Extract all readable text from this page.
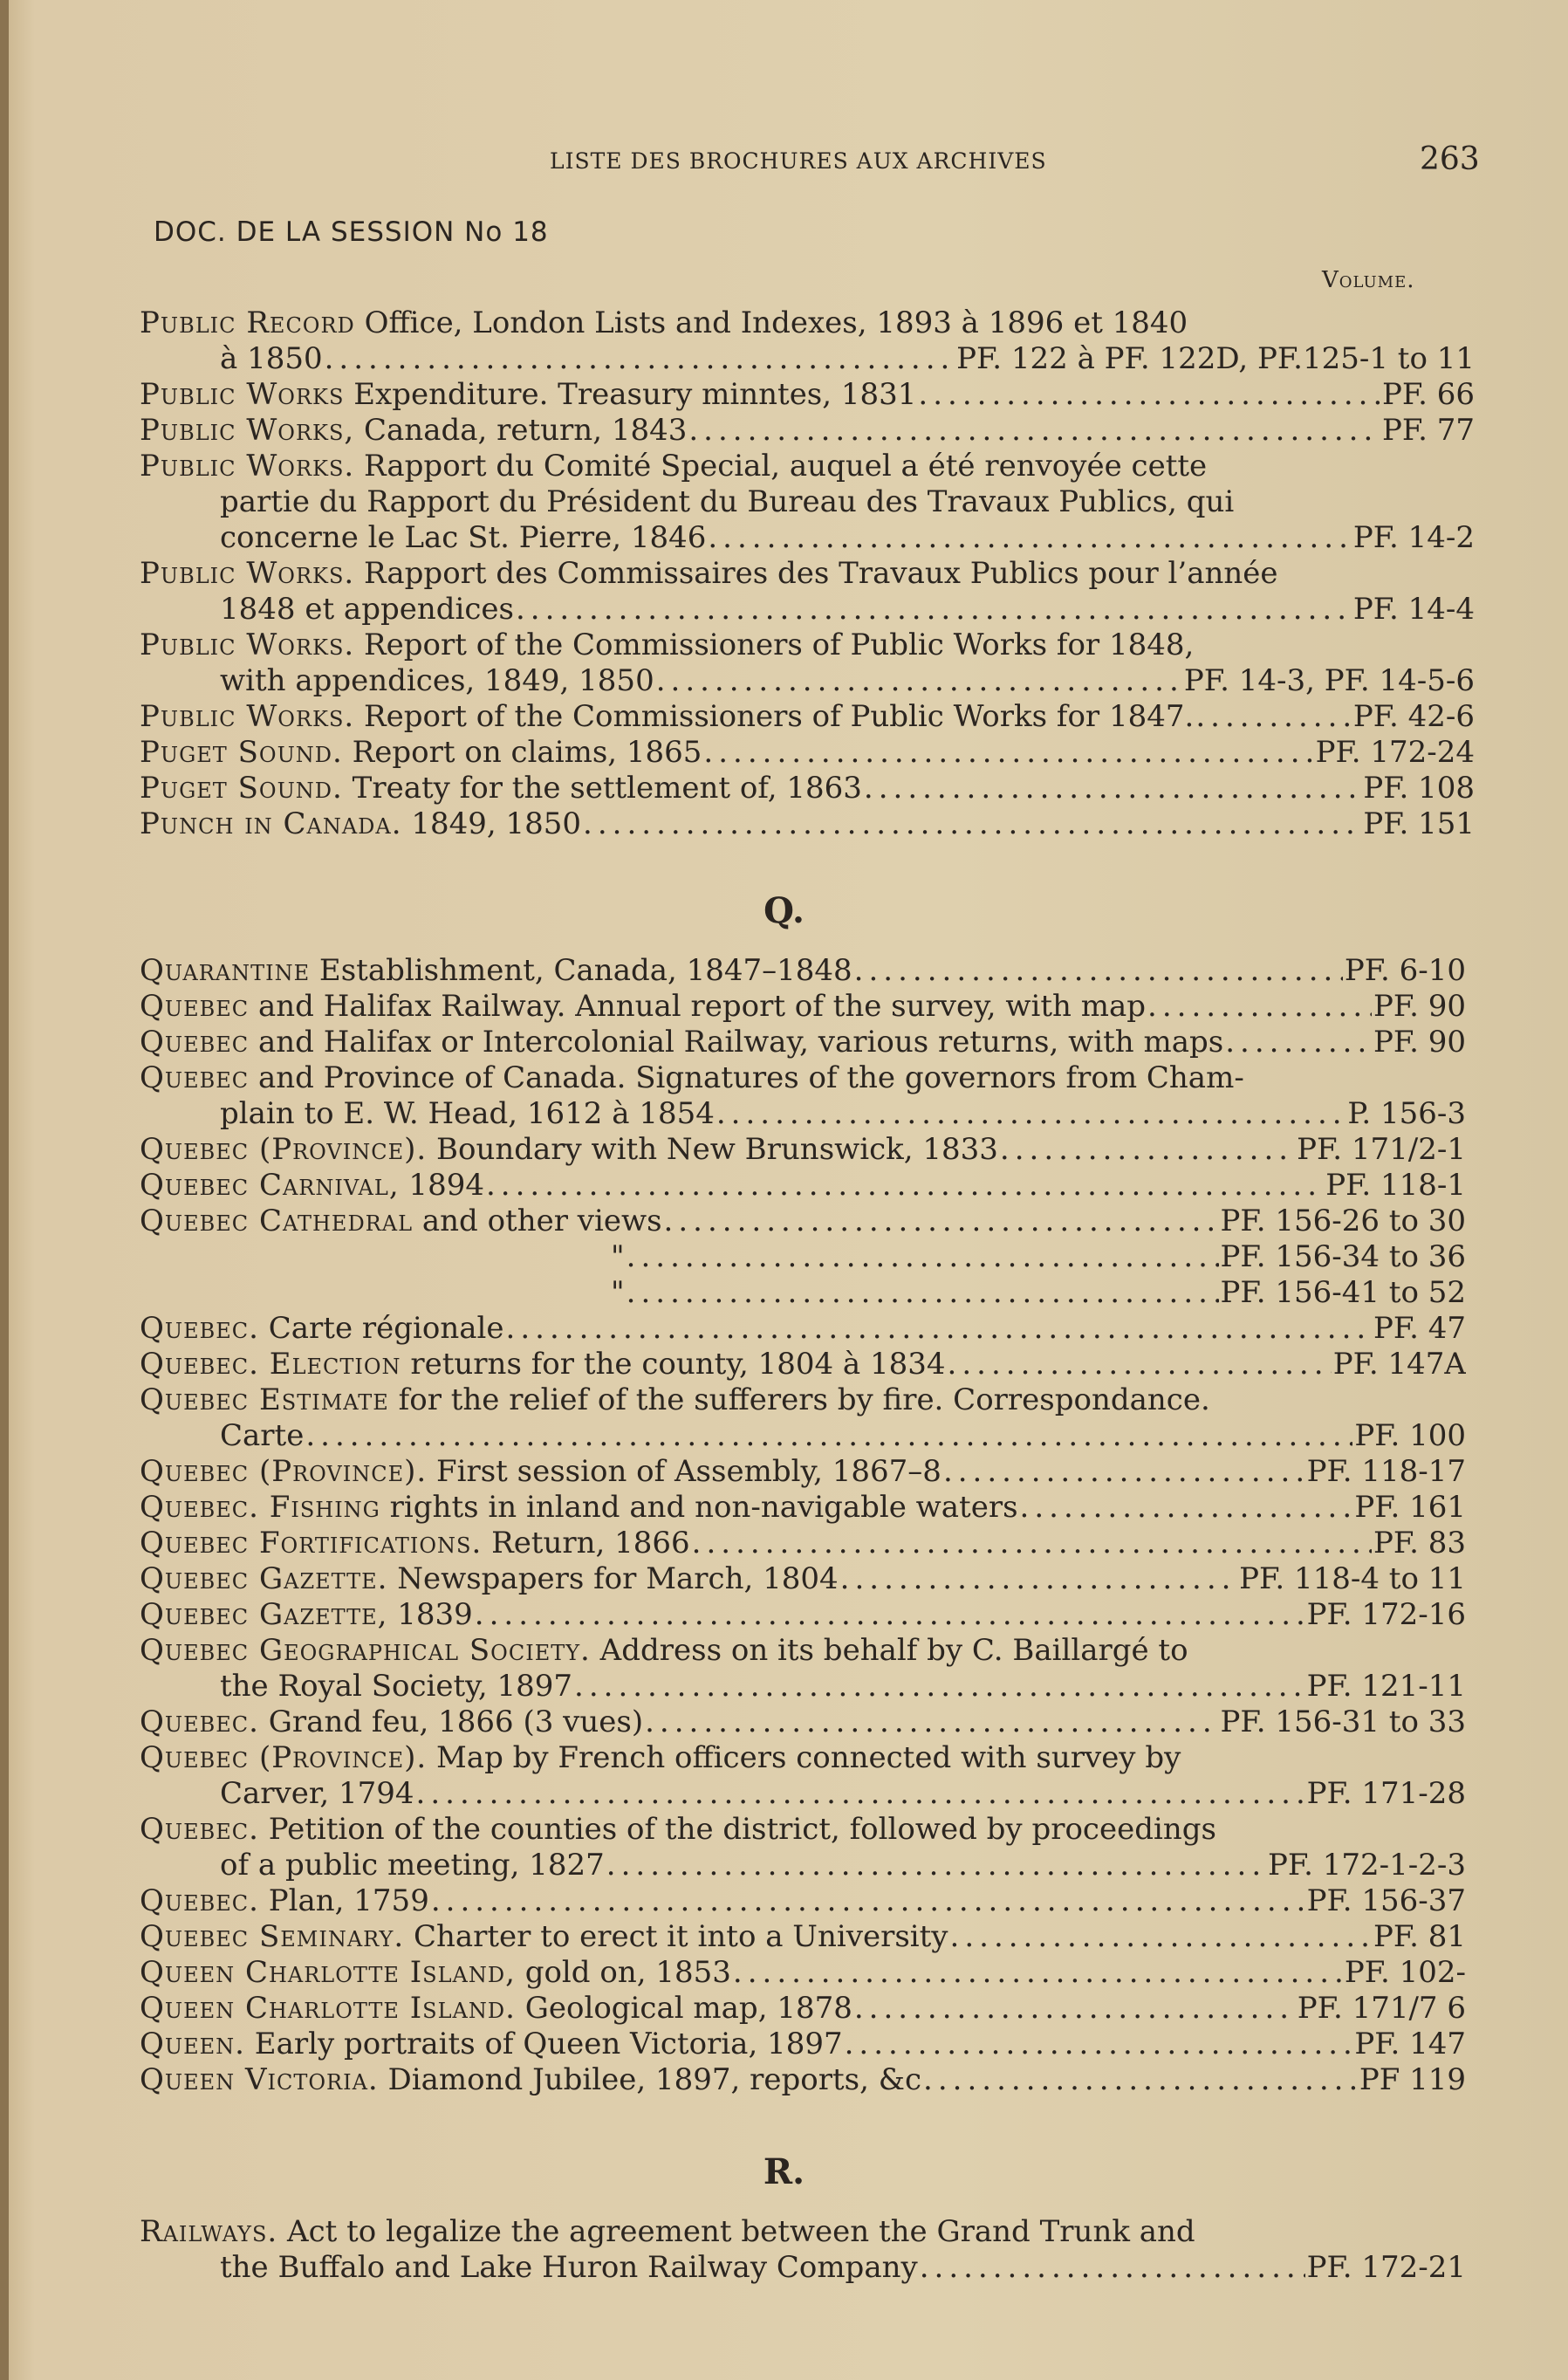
LISTE DES BROCHURES AUX ARCHIVES	263
DOC. DE LA SESSION No 18
Volume.
Public Record Office, London Lists and Indexes, 1893 à 1896 et 1840
à 1850 .....	PF. 122 à PF. 122D, PF.125-1 to 11
Public Works Expenditure. Treasury minntes, 1831 .....	PF. 66
Public Works, Canada, return, 1843 .....	PF. 77
Public Works. Rapport du Comité Special, auquel a été renvoyée cette
partie du Rapport du Président du Bureau des Travaux Publics, qui
concerne le Lac St. Pierre, 1846 .....	PF. 14-2
Public Works. Rapport des Commissaires des Travaux Publics pour l’année
1848 et appendices .....	PF. 14-4
Public Works. Report of the Commissioners of Public Works for 1848,
with appendices, 1849, 1850 .....	PF. 14-3, PF. 14-5-6
Public Works. Report of the Commissioners of Public Works for 1847. .....	PF. 42-6
Puget Sound. Report on claims, 1865 .....	PF. 172-24
Puget Sound. Treaty for the settlement of, 1863 .....	PF. 108
Punch in Canada. 1849, 1850 .....	PF. 151
Q.
Quarantine Establishment, Canada, 1847–1848 .....	PF. 6-10
Quebec and Halifax Railway. Annual report of the survey, with map .....	PF. 90
Quebec and Halifax or Intercolonial Railway, various returns, with maps .....	PF. 90
Quebec and Province of Canada. Signatures of the governors from Cham-
plain to E. W. Head, 1612 à 1854 .....	P. 156-3
Quebec (Province). Boundary with New Brunswick, 1833 .....	PF. 171/2-1
Quebec Carnival, 1894 .....	PF. 118-1
Quebec Cathedral and other views .....	PF. 156-26 to 30
" .....	PF. 156-34 to 36
" .....	PF. 156-41 to 52
Quebec. Carte régionale .....	PF. 47
Quebec. Election returns for the county, 1804 à 1834 .....	PF. 147A
Quebec Estimate for the relief of the sufferers by fire. Correspondance.
Carte .....	PF. 100
Quebec (Province). First session of Assembly, 1867–8 .....	PF. 118-17
Quebec. Fishing rights in inland and non-navigable waters .....	PF. 161
Quebec Fortifications. Return, 1866 .....	PF. 83
Quebec Gazette. Newspapers for March, 1804 .....	PF. 118-4 to 11
Quebec Gazette, 1839 .....	PF. 172-16
Quebec Geographical Society. Address on its behalf by C. Baillargé to
the Royal Society, 1897 .....	PF. 121-11
Quebec. Grand feu, 1866 (3 vues) .....	PF. 156-31 to 33
Quebec (Province). Map by French officers connected with survey by
Carver, 1794 .....	PF. 171-28
Quebec. Petition of the counties of the district, followed by proceedings
of a public meeting, 1827 .....	PF. 172-1-2-3
Quebec. Plan, 1759 .....	PF. 156-37
Quebec Seminary. Charter to erect it into a University .....	PF. 81
Queen Charlotte Island, gold on, 1853 .....	PF. 102-
Queen Charlotte Island. Geological map, 1878 .....	PF. 171/7 6
Queen. Early portraits of Queen Victoria, 1897 .....	PF. 147
Queen Victoria. Diamond Jubilee, 1897, reports, &c .....	PF 119
R.
Railways. Act to legalize the agreement between the Grand Trunk and
the Buffalo and Lake Huron Railway Company .....	PF. 172-21
